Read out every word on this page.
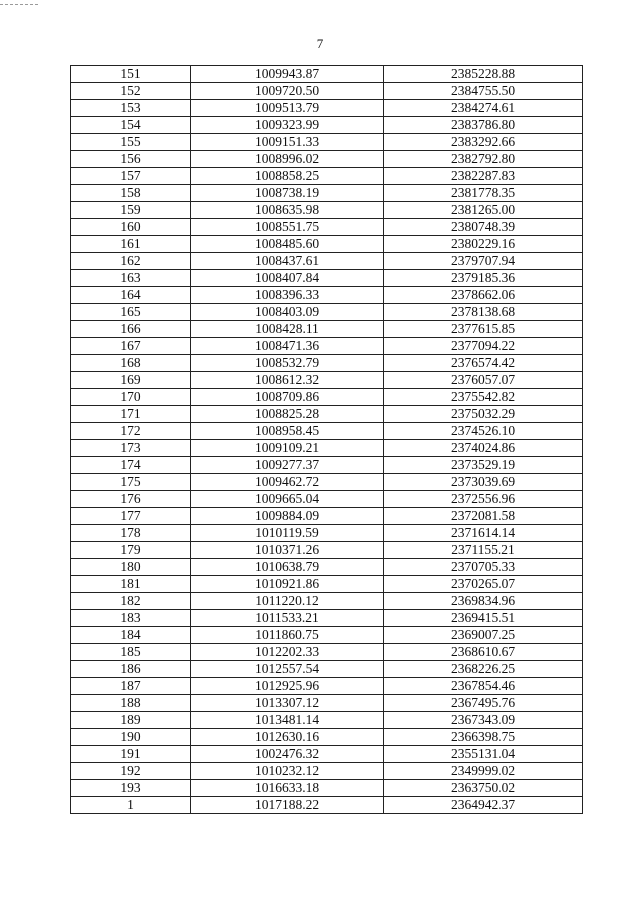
7
151	1009943.87	2385228.88
152	1009720.50	2384755.50
153	1009513.79	2384274.61
154	1009323.99	2383786.80
155	1009151.33	2383292.66
156	1008996.02	2382792.80
157	1008858.25	2382287.83
158	1008738.19	2381778.35
159	1008635.98	2381265.00
160	1008551.75	2380748.39
161	1008485.60	2380229.16
162	1008437.61	2379707.94
163	1008407.84	2379185.36
164	1008396.33	2378662.06
165	1008403.09	2378138.68
166	1008428.11	2377615.85
167	1008471.36	2377094.22
168	1008532.79	2376574.42
169	1008612.32	2376057.07
170	1008709.86	2375542.82
171	1008825.28	2375032.29
172	1008958.45	2374526.10
173	1009109.21	2374024.86
174	1009277.37	2373529.19
175	1009462.72	2373039.69
176	1009665.04	2372556.96
177	1009884.09	2372081.58
178	1010119.59	2371614.14
179	1010371.26	2371155.21
180	1010638.79	2370705.33
181	1010921.86	2370265.07
182	1011220.12	2369834.96
183	1011533.21	2369415.51
184	1011860.75	2369007.25
185	1012202.33	2368610.67
186	1012557.54	2368226.25
187	1012925.96	2367854.46
188	1013307.12	2367495.76
189	1013481.14	2367343.09
190	1012630.16	2366398.75
191	1002476.32	2355131.04
192	1010232.12	2349999.02
193	1016633.18	2363750.02
1	1017188.22	2364942.37
